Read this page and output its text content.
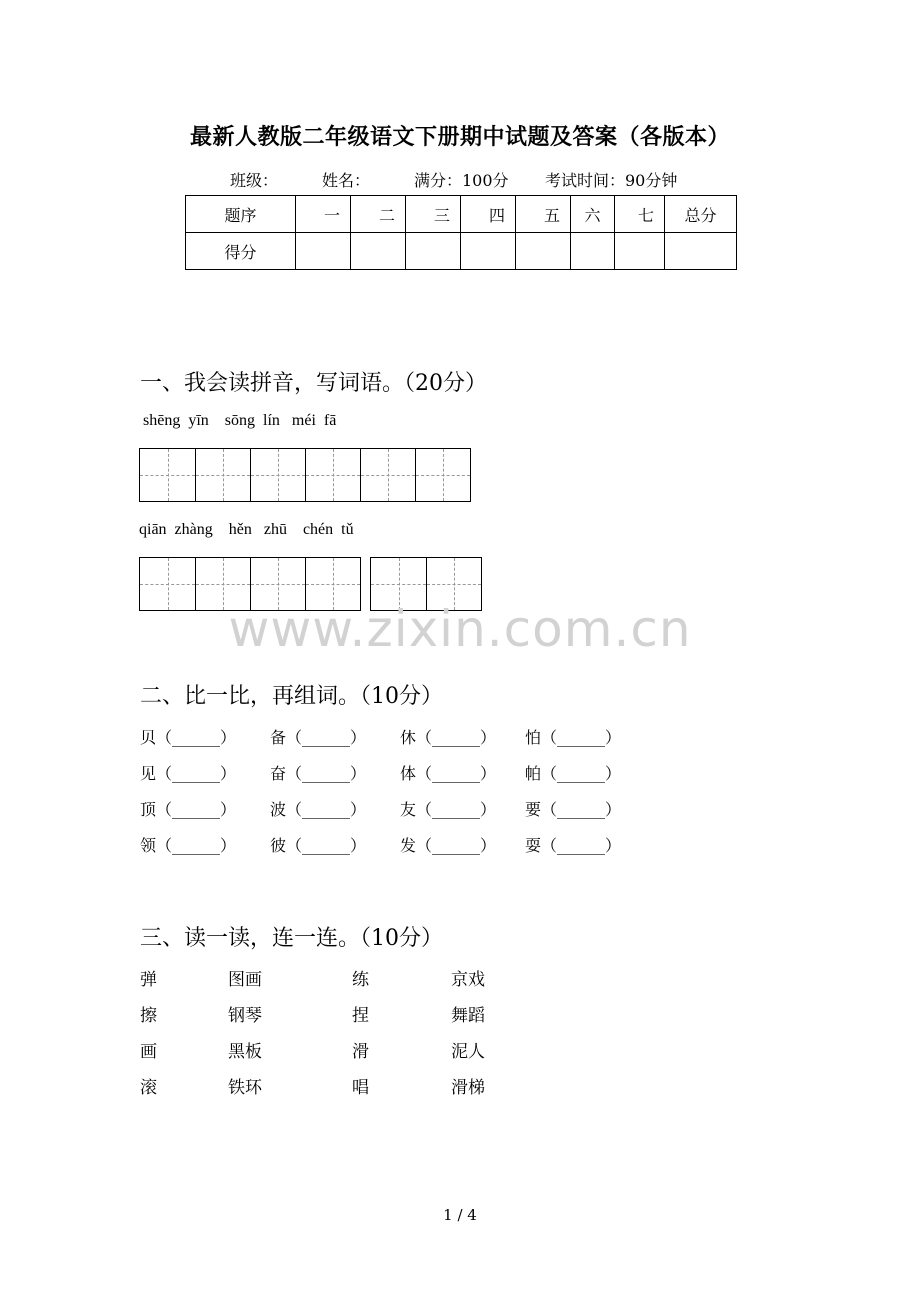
最新人教版二年级语文下册期中试题及答案（各版本）
班级：	姓名：	满分：100分 考试时间：90分钟
题序	一	二	三	四	五	六	七	总分
得分								
一、我会读拼音，写词语。（20分）
shēng  yīn    sōng  lín   méi  fā
qiān  zhàng    hěn   zhū    chén  tǔ
www.zixin.com.cn
二、比一比，再组词。（10分）
贝（______） 备（______） 休（______） 怕（______）
见（______） 奋（______） 体（______） 帕（______）
顶（______） 波（______） 友（______） 要（______）
领（______） 彼（______） 发（______） 耍（______）
三、读一读，连一连。（10分）
弹	图画	练	京戏
擦	钢琴	捏	舞蹈
画	黑板	滑	泥人
滚	铁环	唱	滑梯
1 / 4
